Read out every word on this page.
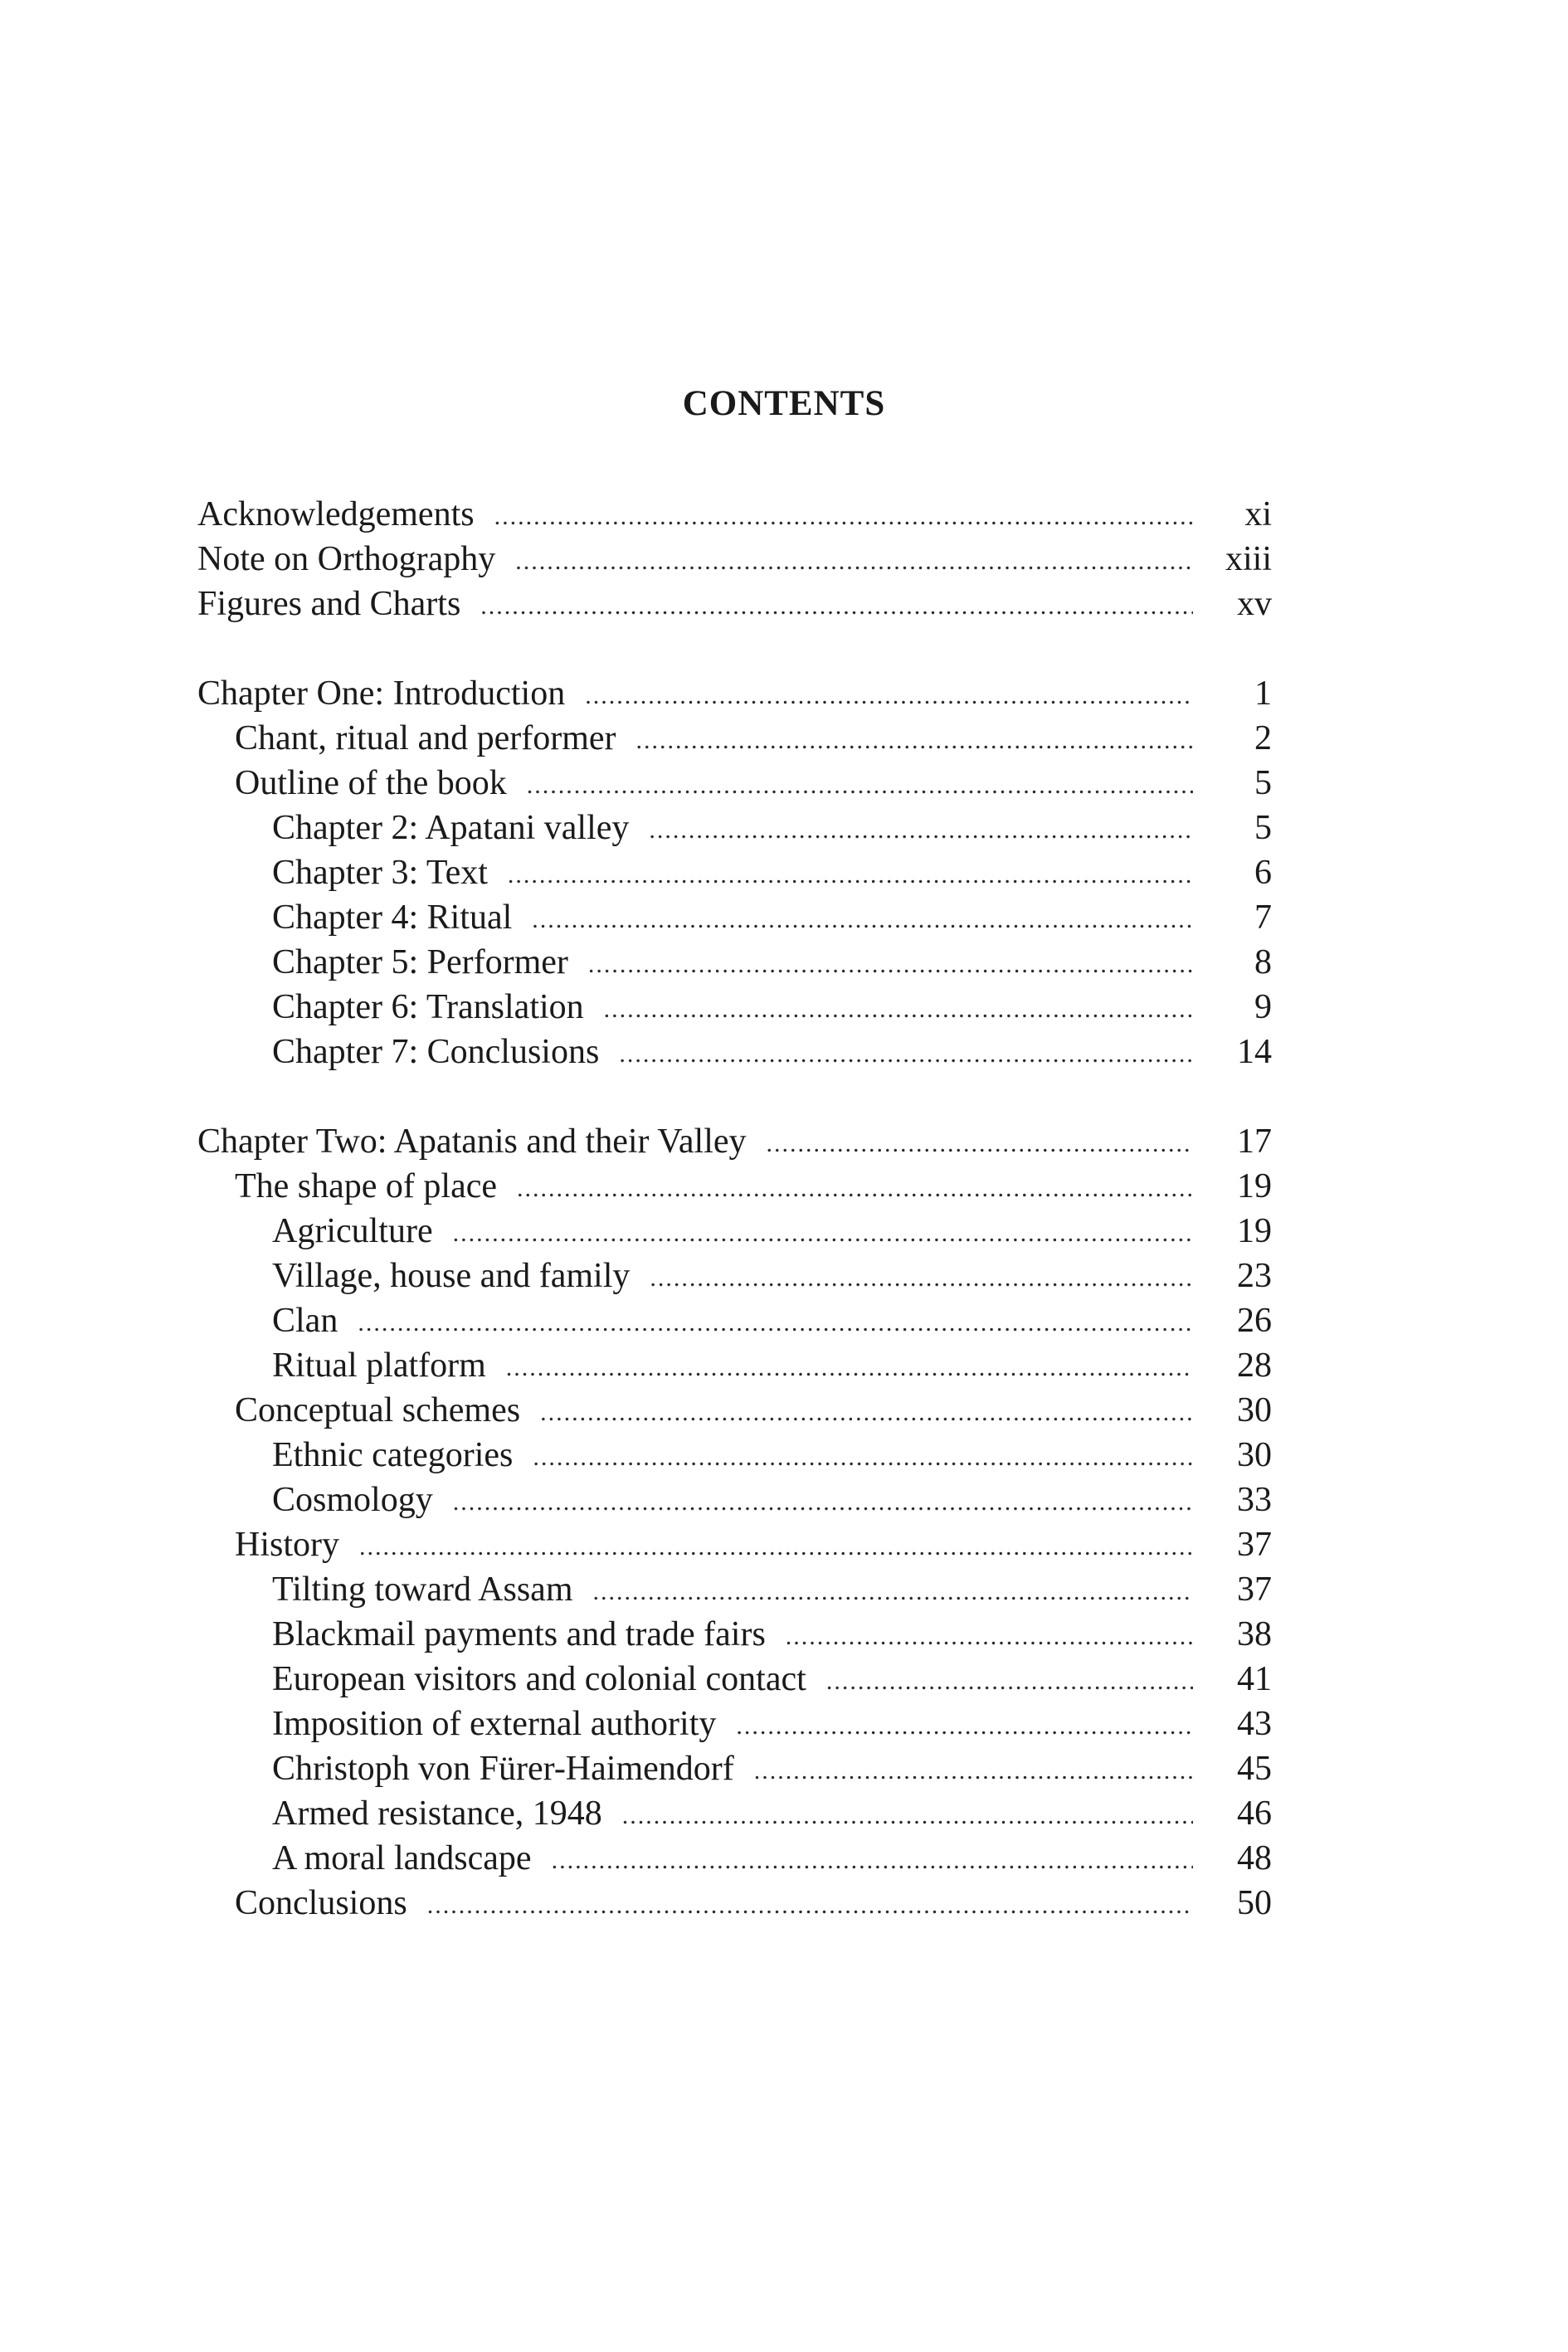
CONTENTS
Acknowledgements .....	xi
Note on Orthography .....	xiii
Figures and Charts .....	xv
Chapter One: Introduction .....	1
Chant, ritual and performer .....	2
Outline of the book .....	5
Chapter 2: Apatani valley .....	5
Chapter 3: Text .....	6
Chapter 4: Ritual .....	7
Chapter 5: Performer .....	8
Chapter 6: Translation .....	9
Chapter 7: Conclusions .....	14
Chapter Two: Apatanis and their Valley .....	17
The shape of place .....	19
Agriculture .....	19
Village, house and family .....	23
Clan .....	26
Ritual platform .....	28
Conceptual schemes .....	30
Ethnic categories .....	30
Cosmology .....	33
History .....	37
Tilting toward Assam .....	37
Blackmail payments and trade fairs .....	38
European visitors and colonial contact .....	41
Imposition of external authority .....	43
Christoph von Fürer-Haimendorf .....	45
Armed resistance, 1948 .....	46
A moral landscape .....	48
Conclusions .....	50
